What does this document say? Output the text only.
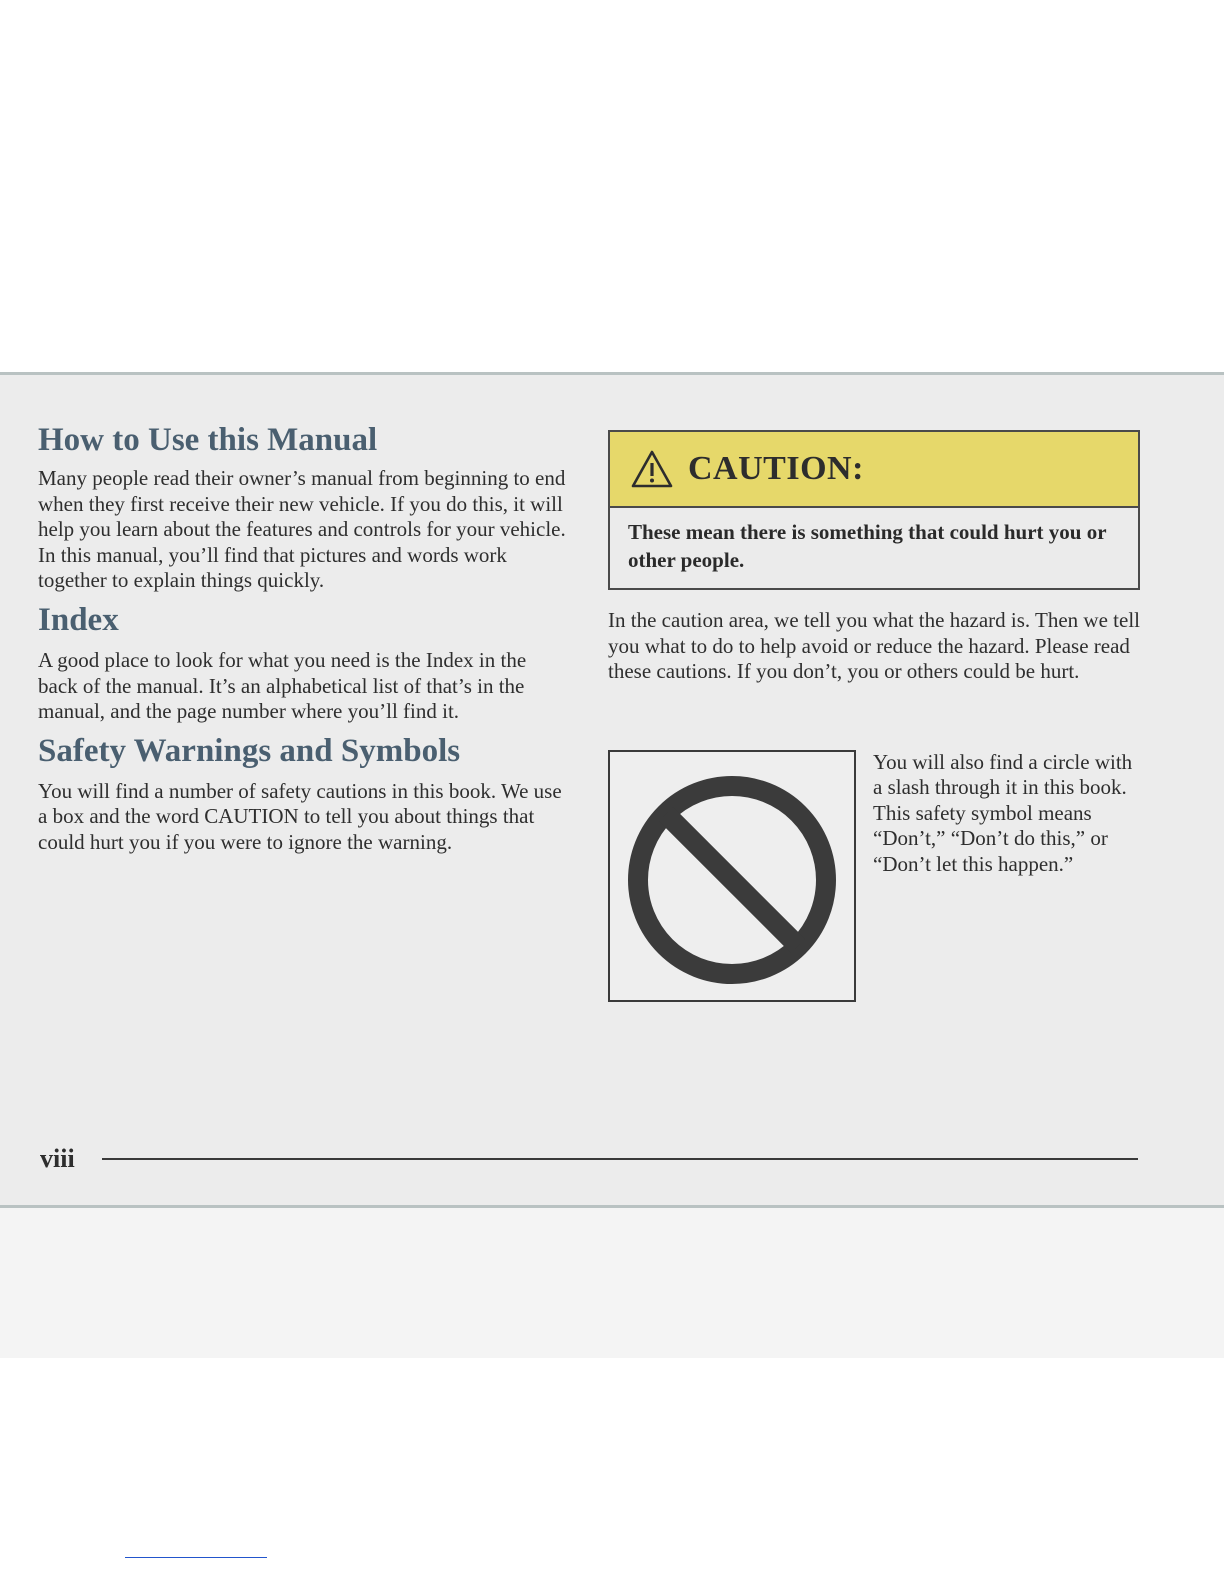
How to Use this Manual

Many people read their owner’s manual from beginning to end when they first receive their new vehicle. If you do this, it will help you learn about the features and controls for your vehicle. In this manual, you’ll find that pictures and words work together to explain things quickly.

Index

A good place to look for what you need is the Index in the back of the manual. It’s an alphabetical list of that’s in the manual, and the page number where you’ll find it.

Safety Warnings and Symbols

You will find a number of safety cautions in this book. We use a box and the word CAUTION to tell you about things that could hurt you if you were to ignore the warning.

CAUTION:
These mean there is something that could hurt you or other people.

In the caution area, we tell you what the hazard is. Then we tell you what to do to help avoid or reduce the hazard. Please read these cautions. If you don’t, you or others could be hurt.

You will also find a circle with a slash through it in this book. This safety symbol means “Don’t,” “Don’t do this,” or “Don’t let this happen.”

viii
